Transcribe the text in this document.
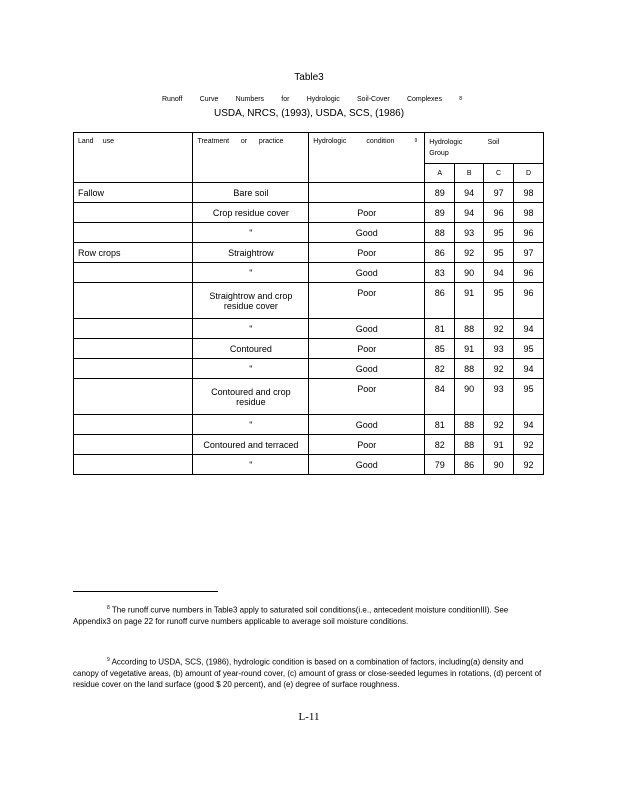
Table3
Runoff Curve Numbers for Hydrologic Soil-Cover Complexes	8
USDA, NRCS, (1993), USDA, SCS, (1986)
Land use	Treatment or practice	Hydrologic condition 9	Hydrologic Soil
Group			
			A	B	C	D
Fallow	Bare soil		89	94	97	98
	Crop residue cover	Poor	89	94	96	98
	"	Good	88	93	95	96
Row crops	Straightrow	Poor	86	92	95	97
	"	Good	83	90	94	96
	Straightrow and crop residue cover	Poor	86	91	95	96
	"	Good	81	88	92	94
	Contoured	Poor	85	91	93	95
	"	Good	82	88	92	94
	Contoured and crop residue	Poor	84	90	93	95
	"	Good	81	88	92	94
	Contoured and terraced	Poor	82	88	91	92
	"	Good	79	86	90	92
$^8$ The runoff curve numbers in Table3 apply to saturated soil conditions(i.e., antecedent moisture conditionIII). See Appendix3 on page 22 for runoff curve numbers applicable to average soil moisture conditions.
$^9$ According to USDA, SCS, (1986), hydrologic condition is based on a combination of factors, including(a) density and canopy of vegetative areas, (b) amount of year-round cover, (c) amount of grass or close-seeded legumes in rotations, (d) percent of residue cover on the land surface (good $ 20 percent), and (e) degree of surface roughness.
L-11
